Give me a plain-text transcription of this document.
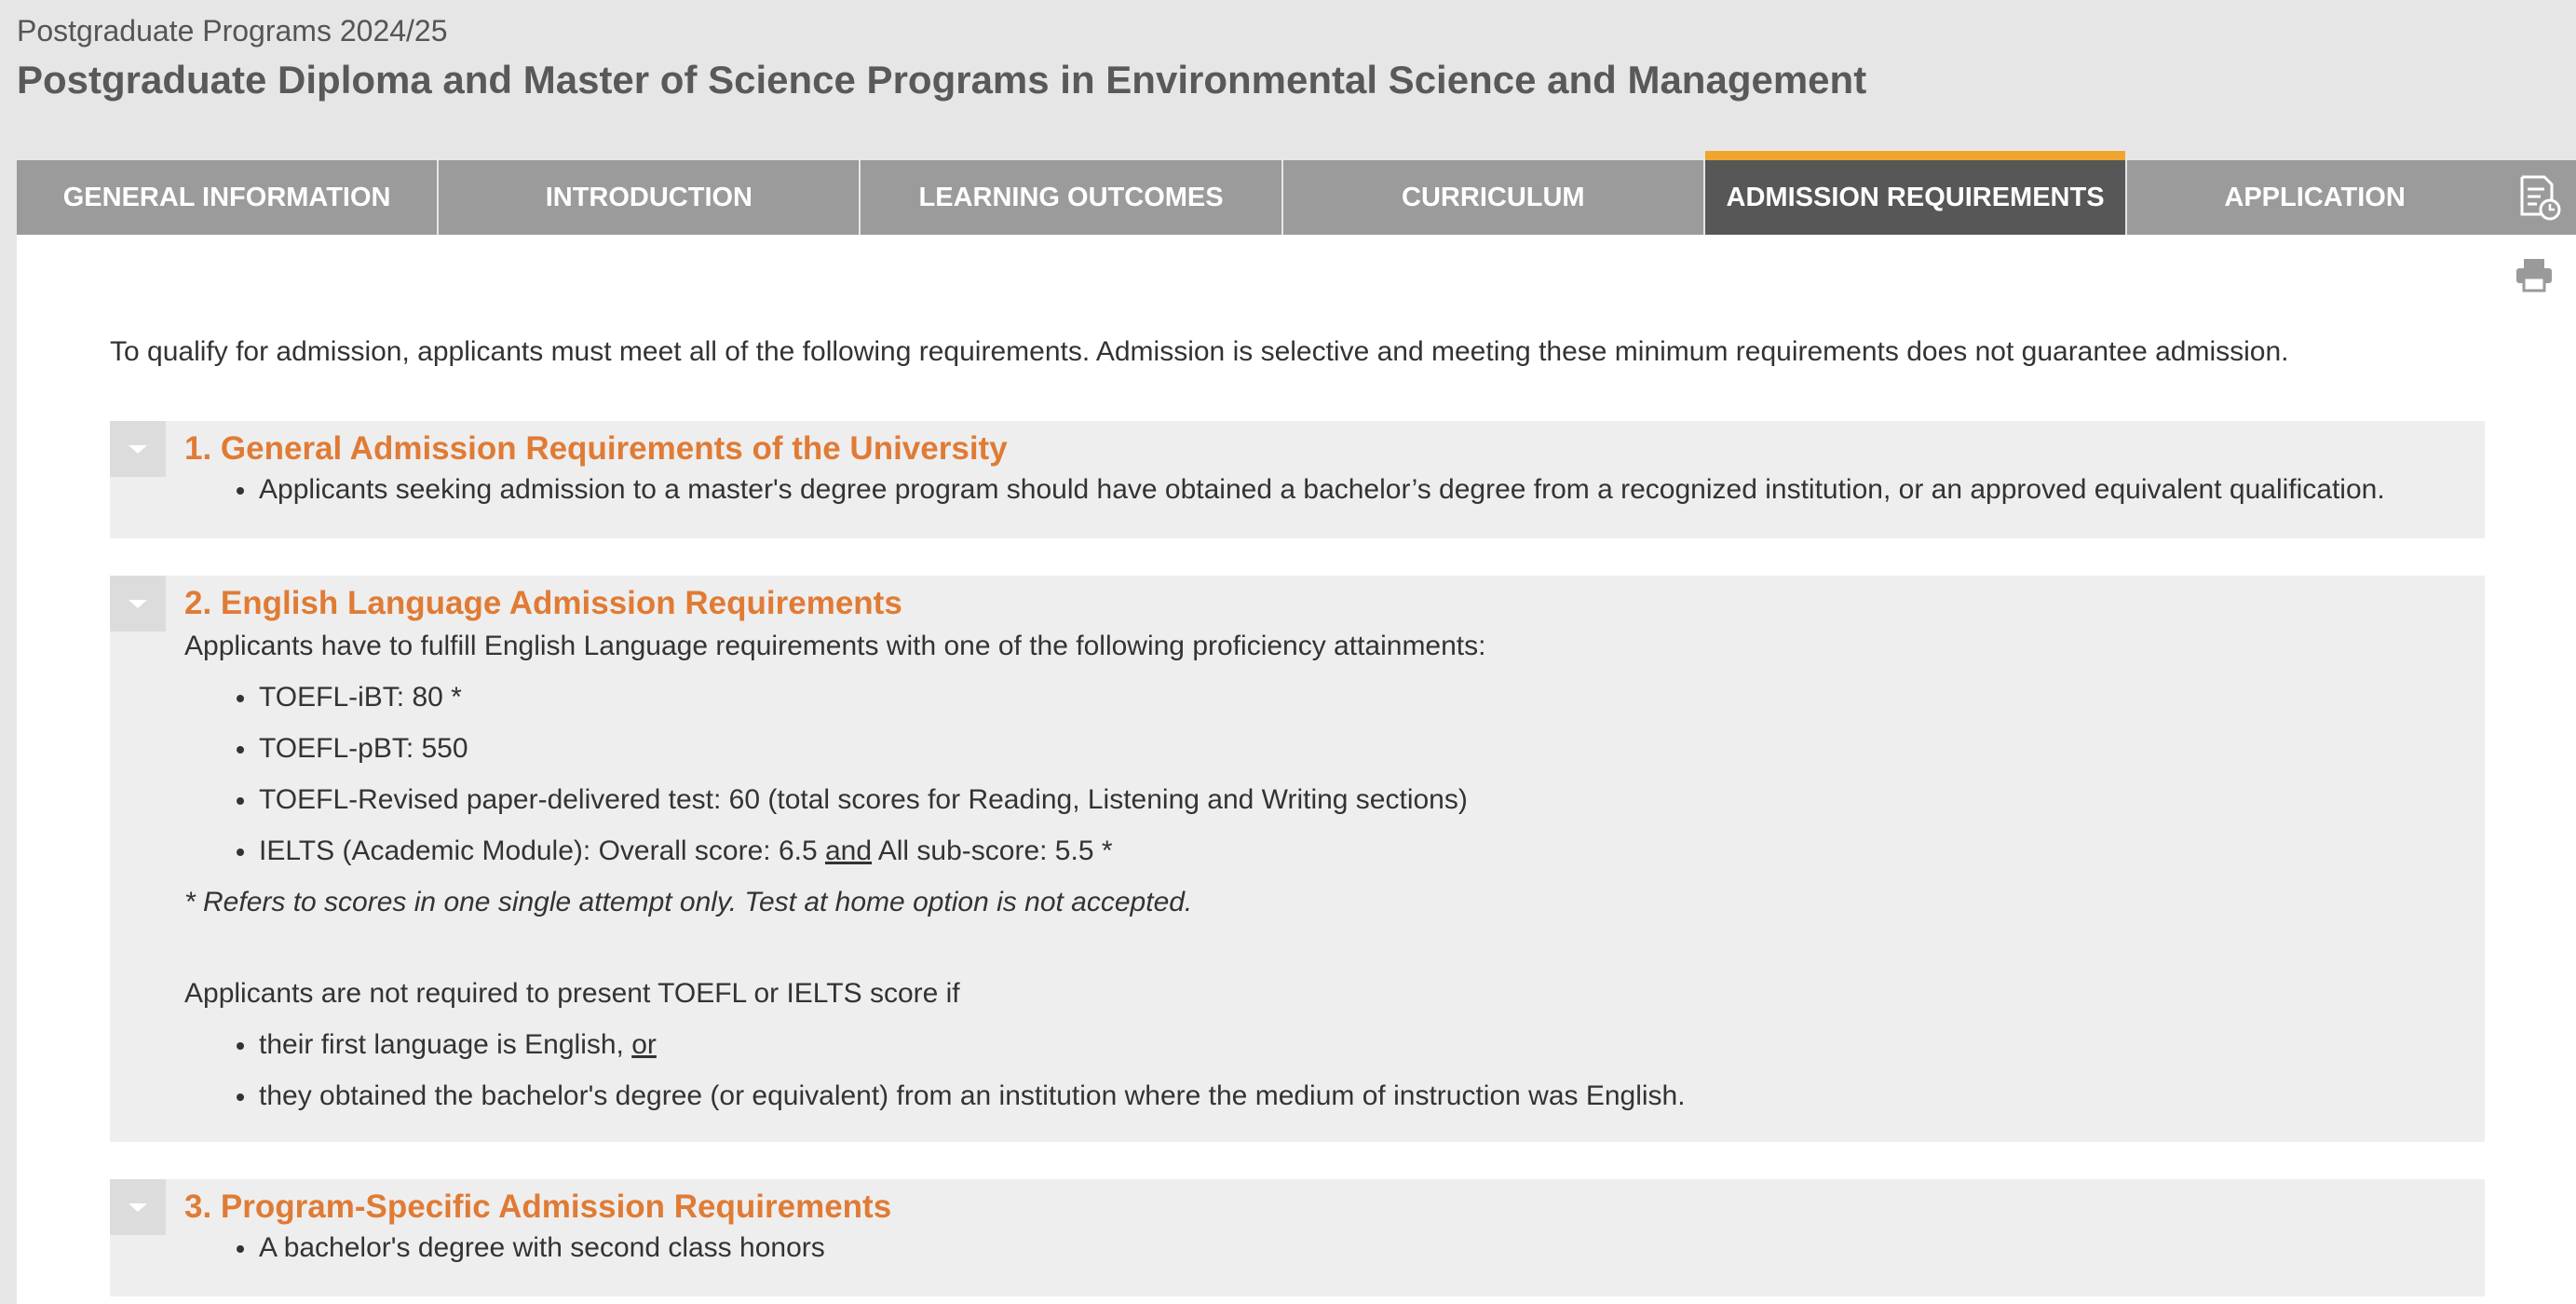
Postgraduate Programs 2024/25
Postgraduate Diploma and Master of Science Programs in Environmental Science and Management
GENERAL INFORMATION	INTRODUCTION	LEARNING OUTCOMES	CURRICULUM	ADMISSION REQUIREMENTS	APPLICATION
To qualify for admission, applicants must meet all of the following requirements. Admission is selective and meeting these minimum requirements does not guarantee admission.
1. General Admission Requirements of the University
Applicants seeking admission to a master's degree program should have obtained a bachelor’s degree from a recognized institution, or an approved equivalent qualification.
2. English Language Admission Requirements
Applicants have to fulfill English Language requirements with one of the following proficiency attainments:
TOEFL-iBT: 80 *
TOEFL-pBT: 550
TOEFL-Revised paper-delivered test: 60 (total scores for Reading, Listening and Writing sections)
IELTS (Academic Module): Overall score: 6.5 and All sub-score: 5.5 *
* Refers to scores in one single attempt only. Test at home option is not accepted.
Applicants are not required to present TOEFL or IELTS score if
their first language is English, or
they obtained the bachelor's degree (or equivalent) from an institution where the medium of instruction was English.
3. Program-Specific Admission Requirements
A bachelor's degree with second class honors
